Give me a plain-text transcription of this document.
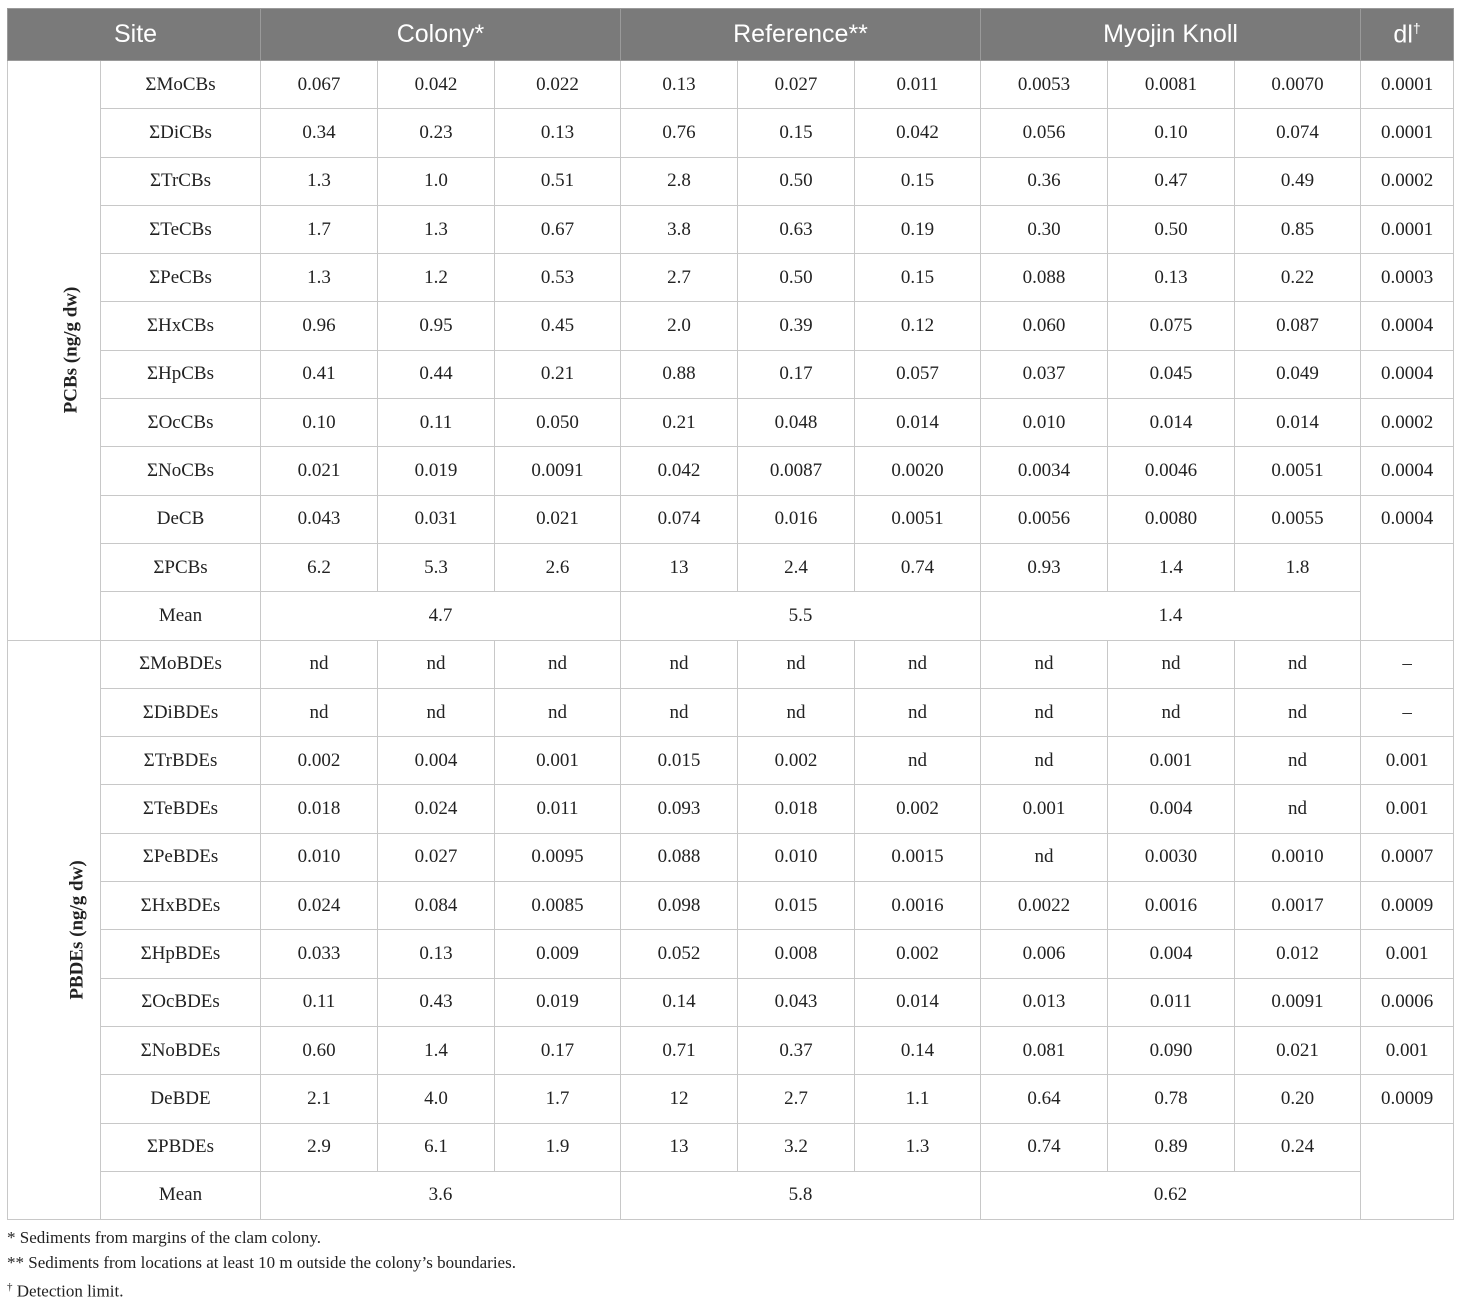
Site		Colony*			Reference**			Myojin Knoll			dl†
PCBs (ng/g dw)	ΣMoCBs	0.067	0.042	0.022	0.13	0.027	0.011	0.0053	0.0081	0.0070	0.0001
	ΣDiCBs	0.34	0.23	0.13	0.76	0.15	0.042	0.056	0.10	0.074	0.0001
	ΣTrCBs	1.3	1.0	0.51	2.8	0.50	0.15	0.36	0.47	0.49	0.0002
	ΣTeCBs	1.7	1.3	0.67	3.8	0.63	0.19	0.30	0.50	0.85	0.0001
	ΣPeCBs	1.3	1.2	0.53	2.7	0.50	0.15	0.088	0.13	0.22	0.0003
	ΣHxCBs	0.96	0.95	0.45	2.0	0.39	0.12	0.060	0.075	0.087	0.0004
	ΣHpCBs	0.41	0.44	0.21	0.88	0.17	0.057	0.037	0.045	0.049	0.0004
	ΣOcCBs	0.10	0.11	0.050	0.21	0.048	0.014	0.010	0.014	0.014	0.0002
	ΣNoCBs	0.021	0.019	0.0091	0.042	0.0087	0.0020	0.0034	0.0046	0.0051	0.0004
	DeCB	0.043	0.031	0.021	0.074	0.016	0.0051	0.0056	0.0080	0.0055	0.0004
	ΣPCBs	6.2	5.3	2.6	13	2.4	0.74	0.93	1.4	1.8	
	Mean	4.7			5.5			1.4			
PBDEs (ng/g dw)	ΣMoBDEs	nd	nd	nd	nd	nd	nd	nd	nd	nd	–
	ΣDiBDEs	nd	nd	nd	nd	nd	nd	nd	nd	nd	–
	ΣTrBDEs	0.002	0.004	0.001	0.015	0.002	nd	nd	0.001	nd	0.001
	ΣTeBDEs	0.018	0.024	0.011	0.093	0.018	0.002	0.001	0.004	nd	0.001
	ΣPeBDEs	0.010	0.027	0.0095	0.088	0.010	0.0015	nd	0.0030	0.0010	0.0007
	ΣHxBDEs	0.024	0.084	0.0085	0.098	0.015	0.0016	0.0022	0.0016	0.0017	0.0009
	ΣHpBDEs	0.033	0.13	0.009	0.052	0.008	0.002	0.006	0.004	0.012	0.001
	ΣOcBDEs	0.11	0.43	0.019	0.14	0.043	0.014	0.013	0.011	0.0091	0.0006
	ΣNoBDEs	0.60	1.4	0.17	0.71	0.37	0.14	0.081	0.090	0.021	0.001
	DeBDE	2.1	4.0	1.7	12	2.7	1.1	0.64	0.78	0.20	0.0009
	ΣPBDEs	2.9	6.1	1.9	13	3.2	1.3	0.74	0.89	0.24	
	Mean	3.6			5.8			0.62			
* Sediments from margins of the clam colony.
** Sediments from locations at least 10 m outside the colony’s boundaries.
† Detection limit.
